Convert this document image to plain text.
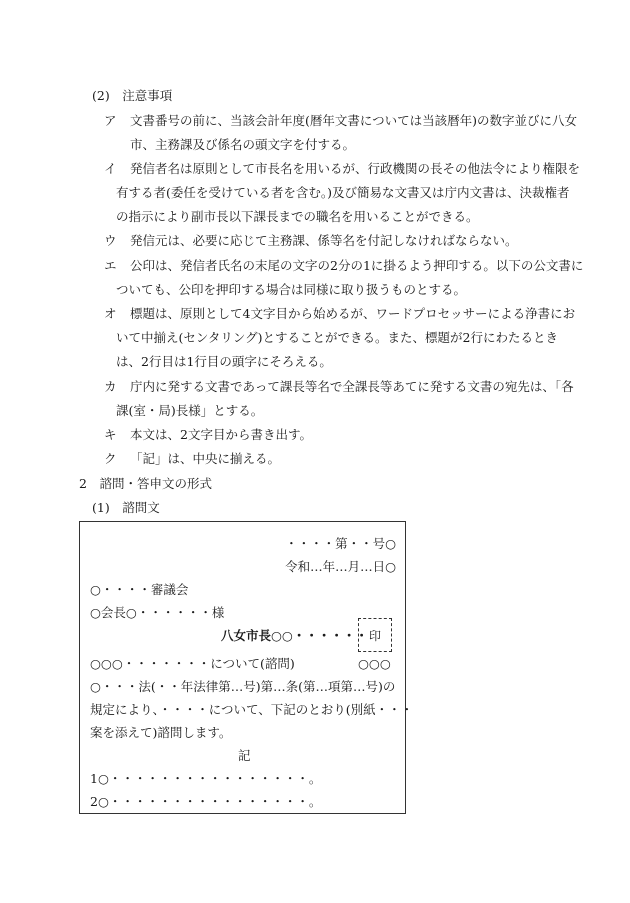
(2)　注意事項
ア 文書番号の前に、当該会計年度(暦年文書については当該暦年)の数字並びに八女
市、主務課及び係名の頭文字を付する。
イ 発信者名は原則として市長名を用いるが、行政機関の長その他法令により権限を
有する者(委任を受けている者を含む。)及び簡易な文書又は庁内文書は、決裁権者
の指示により副市長以下課長までの職名を用いることができる。
ウ 発信元は、必要に応じて主務課、係等名を付記しなければならない。
エ 公印は、発信者氏名の末尾の文字の2分の1に掛るよう押印する。以下の公文書に
ついても、公印を押印する場合は同様に取り扱うものとする。
オ 標題は、原則として4文字目から始めるが、ワードプロセッサーによる浄書にお
いて中揃え(センタリング)とすることができる。また、標題が2行にわたるとき
は、2行目は1行目の頭字にそろえる。
カ 庁内に発する文書であって課長等名で全課長等あてに発する文書の宛先は、「各
課(室・局)長様」とする。
キ 本文は、2文字目から書き出す。
ク 「記」は、中央に揃える。
2　諮問・答申文の形式
(1)　諮問文
・・・・第・・号○
令和…年…月…日○
○・・・・審議会
○会長○・・・・・・様
八女市長○○・・・・・・ 印
○○○・・・・・・・について(諮問)	○○○
○・・・法(・・年法律第…号)第…条(第…項第…号)の
規定により、・・・・について、下記のとおり(別紙・・・
案を添えて)諮問します。
記
1○・・・・・・・・・・・・・・・・。
2○・・・・・・・・・・・・・・・・。
